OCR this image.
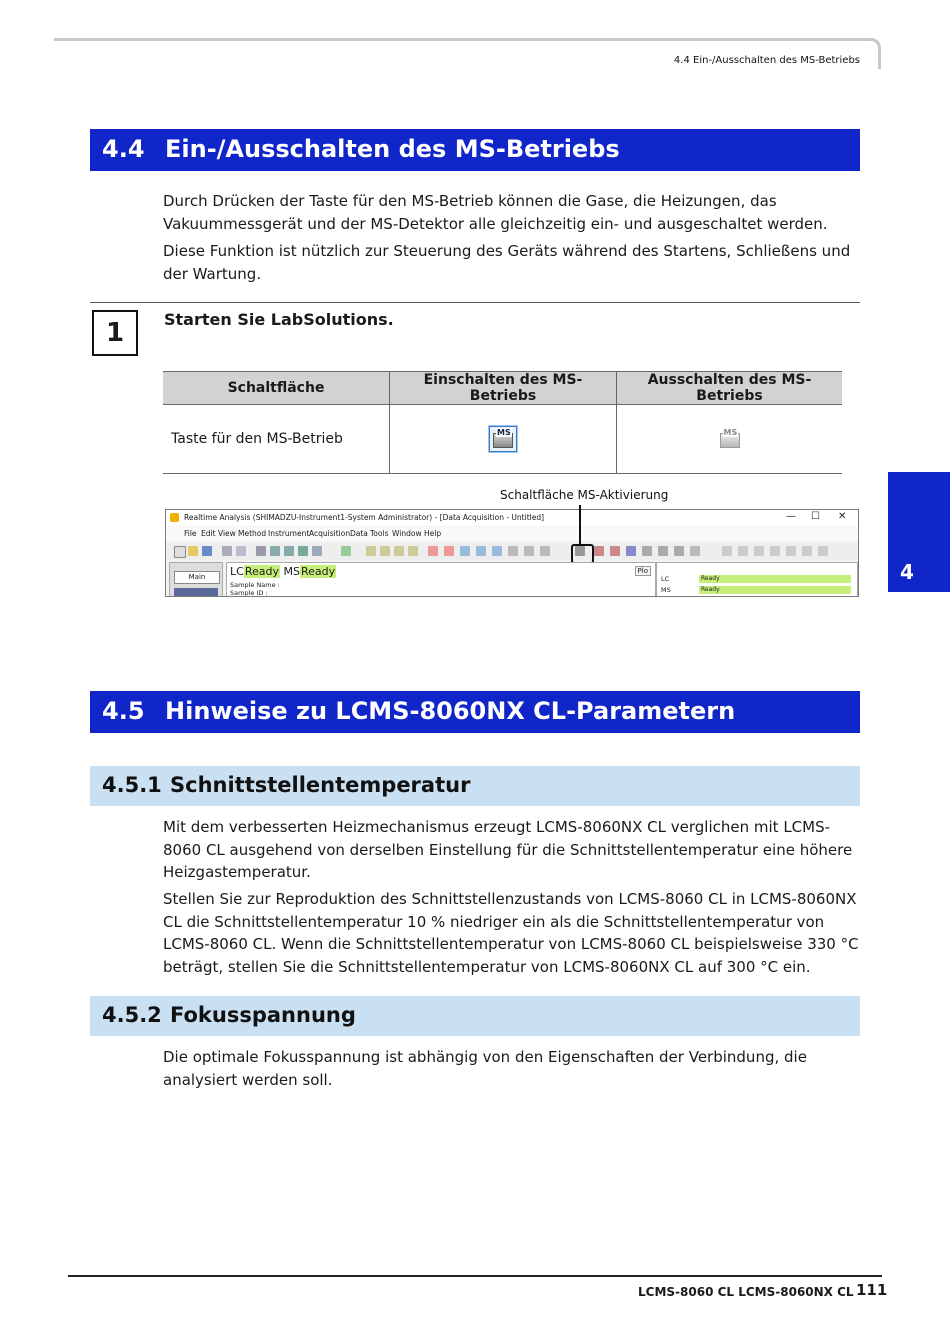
4.4 Ein-/Ausschalten des MS-Betriebs
4
4.4 Ein-/Ausschalten des MS-Betriebs

Durch Drücken der Taste für den MS-Betrieb können die Gase, die Heizungen, das Vakuummessgerät und der MS-Detektor alle gleichzeitig ein- und ausgeschaltet werden.

Diese Funktion ist nützlich zur Steuerung des Geräts während des Startens, Schließens und der Wartung.

1	Starten Sie LabSolutions.
Schaltfläche	Einschalten des MS-Betriebs	Ausschalten des MS-Betriebs
Taste für den MS-Betrieb	MS	MS
Schaltfläche MS-Aktivierung
Realtime Analysis (SHIMADZU-Instrument1-System Administrator) - [Data Acquisition - Untitled]	— ☐ ✕
File Edit View Method Instrument Acquisition Data Tools Window Help
Main	LCReady MSReady
Sample Name :
Sample ID :
Plo
LC	Ready
MS	Ready
4.5 Hinweise zu LCMS-8060NX CL-Parametern
4.5.1 Schnittstellentemperatur

Mit dem verbesserten Heizmechanismus erzeugt LCMS-8060NX CL verglichen mit LCMS-8060 CL ausgehend von derselben Einstellung für die Schnittstellentemperatur eine höhere Heizgastemperatur.

Stellen Sie zur Reproduktion des Schnittstellenzustands von LCMS-8060 CL in LCMS-8060NX CL die Schnittstellentemperatur 10 % niedriger ein als die Schnittstellentemperatur von LCMS-8060 CL. Wenn die Schnittstellentemperatur von LCMS-8060 CL beispielsweise 330 °C beträgt, stellen Sie die Schnittstellentemperatur von LCMS-8060NX CL auf 300 °C ein.

4.5.2 Fokusspannung

Die optimale Fokusspannung ist abhängig von den Eigenschaften der Verbindung, die analysiert werden soll.

LCMS-8060 CL LCMS-8060NX CL 111
